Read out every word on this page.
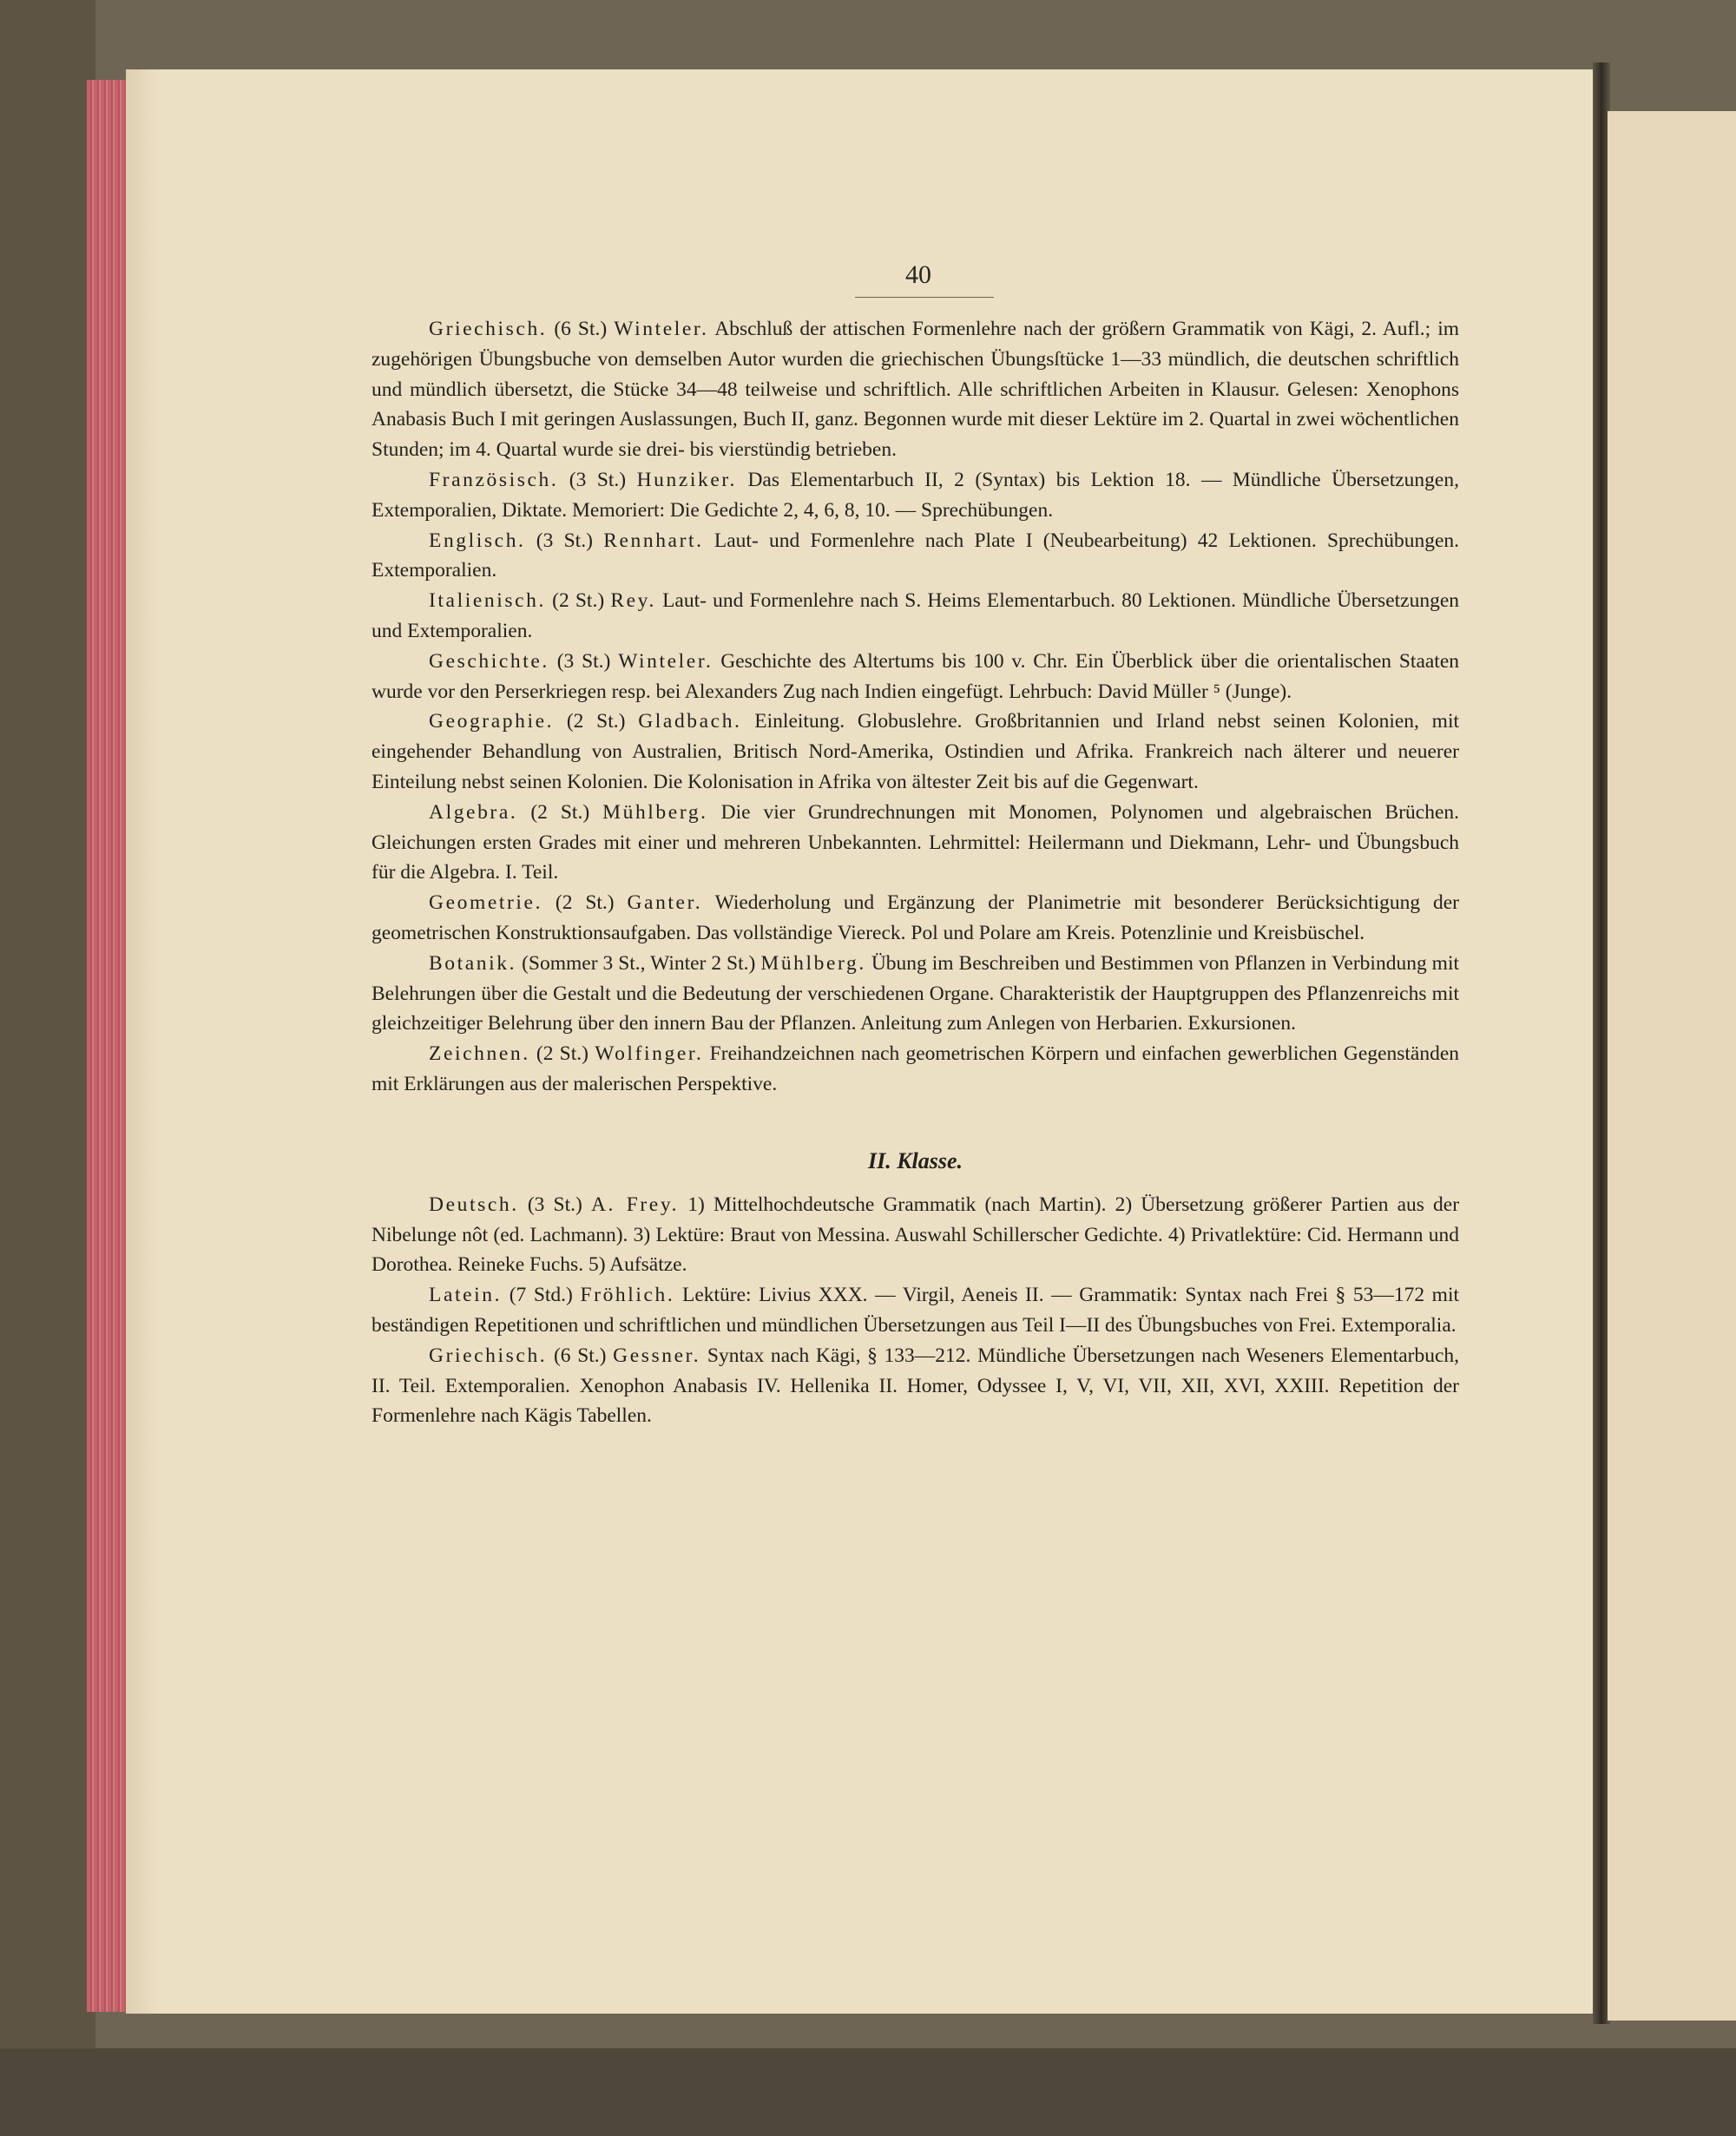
40

Griechisch. (6 St.) Winteler. Abschluß der attischen Formenlehre nach der größern Grammatik von Kägi, 2. Aufl.; im zugehörigen Übungsbuche von demselben Autor wurden die griechischen Übungsſtücke 1—33 mündlich, die deutschen schriftlich und mündlich übersetzt, die Stücke 34—48 teilweise und schriftlich. Alle schriftlichen Arbeiten in Klausur. Gelesen: Xenophons Anabasis Buch I mit geringen Auslassungen, Buch II, ganz. Begonnen wurde mit dieser Lektüre im 2. Quartal in zwei wöchentlichen Stunden; im 4. Quartal wurde sie drei- bis vierstündig betrieben.

Französisch. (3 St.) Hunziker. Das Elementarbuch II, 2 (Syntax) bis Lektion 18. — Mündliche Übersetzungen, Extemporalien, Diktate. Memoriert: Die Gedichte 2, 4, 6, 8, 10. — Sprechübungen.

Englisch. (3 St.) Rennhart. Laut- und Formenlehre nach Plate I (Neubearbeitung) 42 Lektionen. Sprechübungen. Extemporalien.

Italienisch. (2 St.) Rey. Laut- und Formenlehre nach S. Heims Elementarbuch. 80 Lektionen. Mündliche Übersetzungen und Extemporalien.

Geschichte. (3 St.) Winteler. Geschichte des Altertums bis 100 v. Chr. Ein Überblick über die orientalischen Staaten wurde vor den Perserkriegen resp. bei Alexanders Zug nach Indien eingefügt. Lehrbuch: David Müller ⁵ (Junge).

Geographie. (2 St.) Gladbach. Einleitung. Globuslehre. Großbritannien und Irland nebst seinen Kolonien, mit eingehender Behandlung von Australien, Britisch Nord-Amerika, Ostindien und Afrika. Frankreich nach älterer und neuerer Einteilung nebst seinen Kolonien. Die Kolonisation in Afrika von ältester Zeit bis auf die Gegenwart.

Algebra. (2 St.) Mühlberg. Die vier Grundrechnungen mit Monomen, Polynomen und algebraischen Brüchen. Gleichungen ersten Grades mit einer und mehreren Unbekannten. Lehrmittel: Heilermann und Diekmann, Lehr- und Übungsbuch für die Algebra. I. Teil.

Geometrie. (2 St.) Ganter. Wiederholung und Ergänzung der Planimetrie mit besonderer Berücksichtigung der geometrischen Konstruktionsaufgaben. Das vollständige Viereck. Pol und Polare am Kreis. Potenzlinie und Kreisbüschel.

Botanik. (Sommer 3 St., Winter 2 St.) Mühlberg. Übung im Beschreiben und Bestimmen von Pflanzen in Verbindung mit Belehrungen über die Gestalt und die Bedeutung der verschiedenen Organe. Charakteristik der Hauptgruppen des Pflanzenreichs mit gleichzeitiger Belehrung über den innern Bau der Pflanzen. Anleitung zum Anlegen von Herbarien. Exkursionen.

Zeichnen. (2 St.) Wolfinger. Freihandzeichnen nach geometrischen Körpern und einfachen gewerblichen Gegenständen mit Erklärungen aus der malerischen Perspektive.

II. Klasse.

Deutsch. (3 St.) A. Frey. 1) Mittelhochdeutsche Grammatik (nach Martin). 2) Übersetzung größerer Partien aus der Nibelunge nôt (ed. Lachmann). 3) Lektüre: Braut von Messina. Auswahl Schillerscher Gedichte. 4) Privatlektüre: Cid. Hermann und Dorothea. Reineke Fuchs. 5) Aufsätze.

Latein. (7 Std.) Fröhlich. Lektüre: Livius XXX. — Virgil, Aeneis II. — Grammatik: Syntax nach Frei § 53—172 mit beständigen Repetitionen und schriftlichen und mündlichen Übersetzungen aus Teil I—II des Übungsbuches von Frei. Extemporalia.

Griechisch. (6 St.) Gessner. Syntax nach Kägi, § 133—212. Mündliche Übersetzungen nach Weseners Elementarbuch, II. Teil. Extemporalien. Xenophon Anabasis IV. Hellenika II. Homer, Odyssee I, V, VI, VII, XII, XVI, XXIII. Repetition der Formenlehre nach Kägis Tabellen.
